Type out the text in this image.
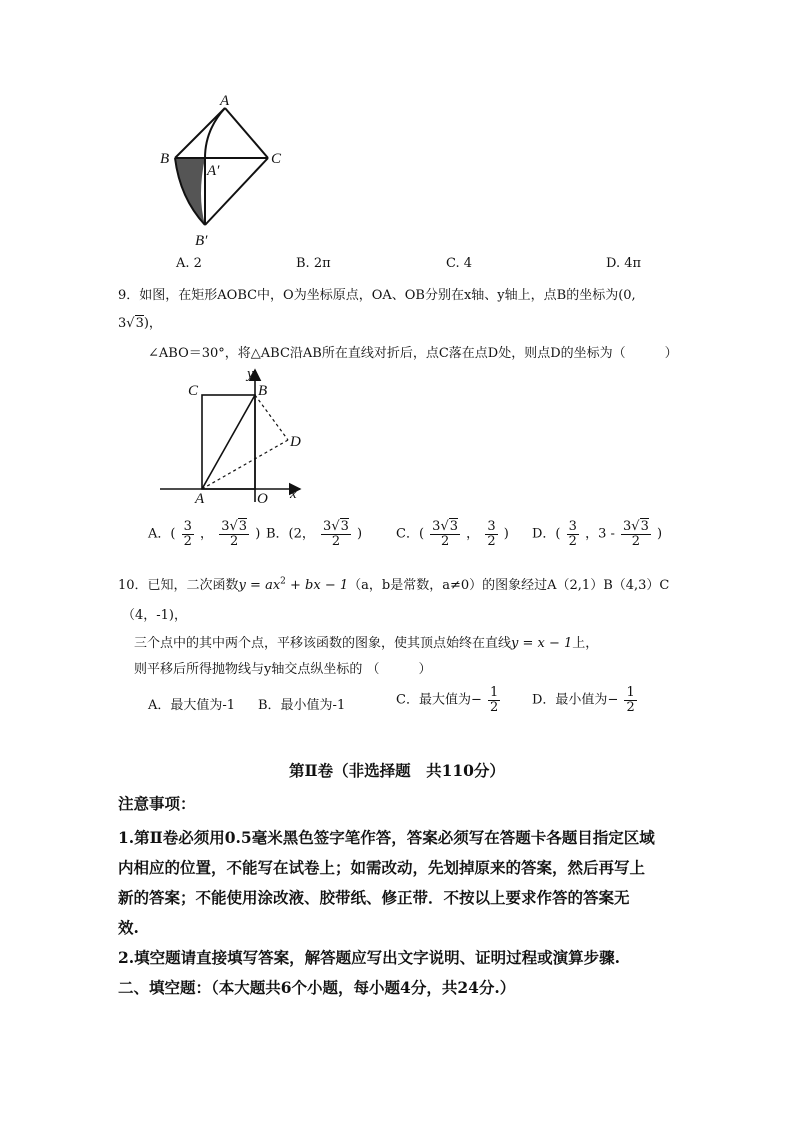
A
B	C
A′
B′
A. 2	B. 2π	C. 4	D. 4π
9．如图，在矩形AOBC中，O为坐标原点，OA、OB分别在x轴、y轴上，点B的坐标为(0,
3√3)，
∠ABO＝30°，将△ABC沿AB所在直线对折后，点C落在点D处，则点D的坐标为（　　　）
C	B
y
D
A	O x
A．( $\frac{3}{2}$ ， $\frac{3√3}{2}$ ) B．(2， $\frac{3√3}{2}$ )	C．( $\frac{3√3}{2}$ ， $\frac{3}{2}$ ) D．( $\frac{3}{2}$ ，$3 - \frac{3√3}{2}$ )
10．已知，二次函数$y = ax^2$ + bx − 1（a，b是常数，a≠0）的图象经过A（2,1）B（4,3）C
（4，-1)，
三个点中的其中两个点，平移该函数的图象，使其顶点始终在直线y = x − 1上，
则平移后所得抛物线与y轴交点纵坐标的 （　　　）
A．最大值为-1 B．最小值为-1	C．最大值为− $\frac{1}{2}$ D．最小值为− $\frac{1}{2}$
第Ⅱ卷（非选择题　共110分）
注意事项：
1.第Ⅱ卷必须用0.5毫米黑色签字笔作答，答案必须写在答题卡各题目指定区域
内相应的位置，不能写在试卷上；如需改动，先划掉原来的答案，然后再写上
新的答案；不能使用涂改液、胶带纸、修正带．不按以上要求作答的答案无
效.
2.填空题请直接填写答案，解答题应写出文字说明、证明过程或演算步骤.
二、填空题：（本大题共6个小题，每小题4分，共24分.）
